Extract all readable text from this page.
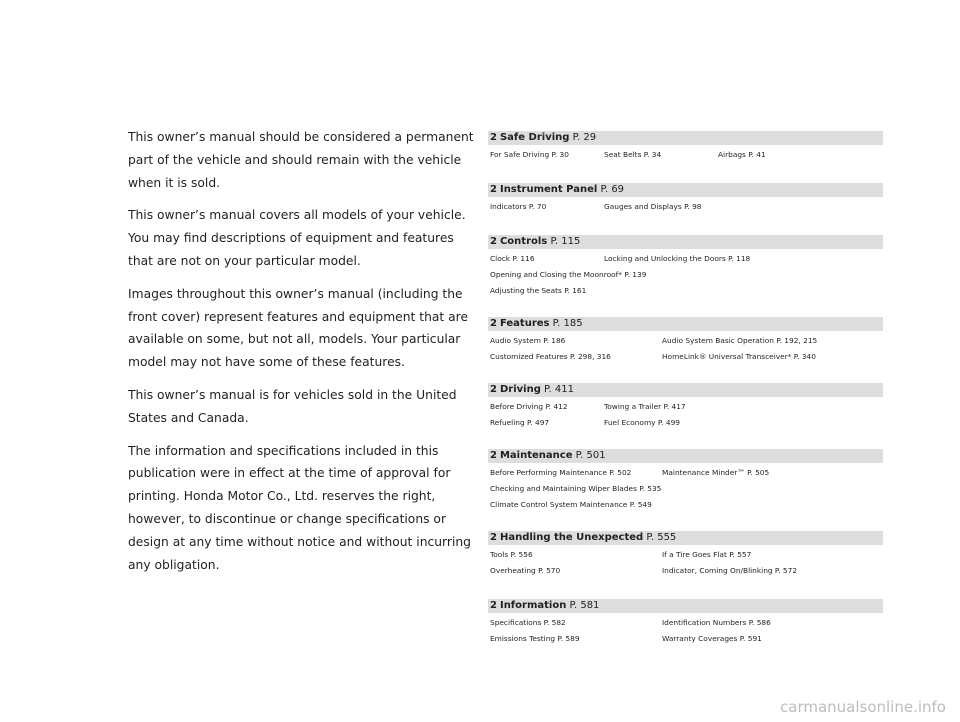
This owner’s manual should be considered a permanent part of the vehicle and should remain with the vehicle when it is sold.

This owner’s manual covers all models of your vehicle. You may find descriptions of equipment and features that are not on your particular model.

Images throughout this owner’s manual (including the front cover) represent features and equipment that are available on some, but not all, models. Your particular model may not have some of these features.

This owner’s manual is for vehicles sold in the United States and Canada.

The information and specifications included in this publication were in effect at the time of approval for printing. Honda Motor Co., Ltd. reserves the right, however, to discontinue or change specifications or design at any time without notice and without incurring any obligation.

2 Safe Driving P. 29
For Safe Driving P. 30	Seat Belts P. 34	Airbags P. 41
2 Instrument Panel P. 69
Indicators P. 70	Gauges and Displays P. 98
2 Controls P. 115
Clock P. 116	Locking and Unlocking the Doors P. 118
Opening and Closing the Moonroof* P. 139
Adjusting the Seats P. 161
2 Features P. 185
Audio System P. 186	Audio System Basic Operation P. 192, 215
Customized Features P. 298, 316	HomeLink® Universal Transceiver* P. 340
2 Driving P. 411
Before Driving P. 412	Towing a Trailer P. 417
Refueling P. 497	Fuel Economy P. 499
2 Maintenance P. 501
Before Performing Maintenance P. 502	Maintenance Minder™ P. 505
Checking and Maintaining Wiper Blades P. 535
Climate Control System Maintenance P. 549
2 Handling the Unexpected P. 555
Tools P. 556	If a Tire Goes Flat P. 557
Overheating P. 570	Indicator, Coming On/Blinking P. 572
2 Information P. 581
Specifications P. 582	Identification Numbers P. 586
Emissions Testing P. 589	Warranty Coverages P. 591
carmanualsonline.info
